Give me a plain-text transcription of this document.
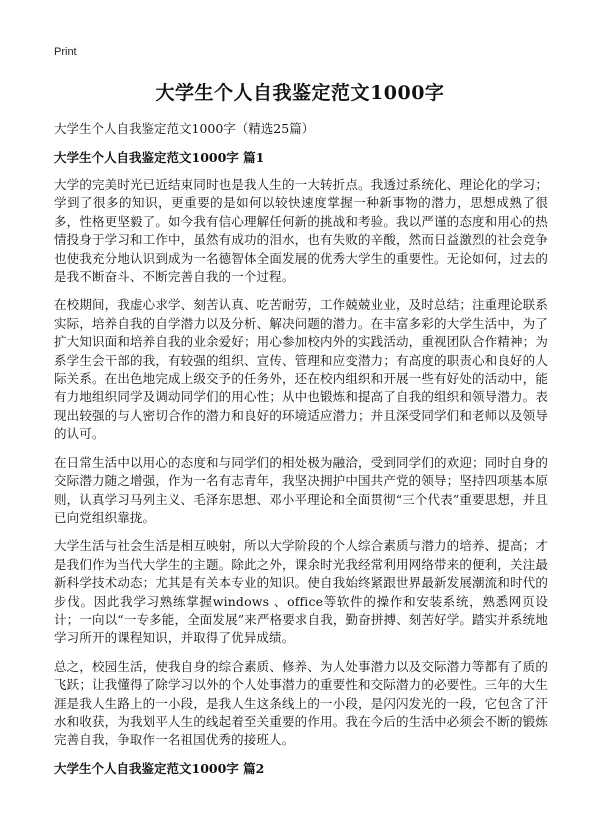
Print
大学生个人自我鉴定范文1000字

大学生个人自我鉴定范文1000字（精选25篇）

大学生个人自我鉴定范文1000字 篇1

大学的完美时光已近结束同时也是我人生的一大转折点。我透过系统化、理论化的学习；学到了很多的知识，更重要的是如何以较快速度掌握一种新事物的潜力，思想成熟了很多，性格更坚毅了。如今我有信心理解任何新的挑战和考验。我以严谨的态度和用心的热情投身于学习和工作中，虽然有成功的泪水，也有失败的辛酸，然而日益激烈的社会竞争也使我充分地认识到成为一名德智体全面发展的优秀大学生的重要性。无论如何，过去的是我不断奋斗、不断完善自我的一个过程。

在校期间，我虚心求学、刻苦认真、吃苦耐劳，工作兢兢业业，及时总结；注重理论联系实际，培养自我的自学潜力以及分析、解决问题的潜力。在丰富多彩的大学生活中，为了扩大知识面和培养自我的业余爱好；用心参加校内外的实践活动，重视团队合作精神；为系学生会干部的我，有较强的组织、宣传、管理和应变潜力；有高度的职责心和良好的人际关系。在出色地完成上级交予的任务外，还在校内组织和开展一些有好处的活动中，能有力地组织同学及调动同学们的用心性；从中也锻炼和提高了自我的组织和领导潜力。表现出较强的与人密切合作的潜力和良好的环境适应潜力；并且深受同学们和老师以及领导的认可。

在日常生活中以用心的态度和与同学们的相处极为融洽，受到同学们的欢迎；同时自身的交际潜力随之增强，作为一名有志青年，我坚决拥护中国共产党的领导；坚持四项基本原则，认真学习马列主义、毛泽东思想、邓小平理论和全面贯彻“三个代表”重要思想，并且已向党组织靠拢。

大学生活与社会生活是相互映射，所以大学阶段的个人综合素质与潜力的培养、提高；才是我们作为当代大学生的主题。除此之外，课余时光我经常利用网络带来的便利，关注最新科学技术动态；尤其是有关本专业的知识。使自我始终紧跟世界最新发展潮流和时代的步伐。因此我学习熟练掌握windows 、office等软件的操作和安装系统，熟悉网页设计；一向以“一专多能，全面发展”来严格要求自我，勤奋拼搏、刻苦好学。踏实并系统地学习所开的课程知识，并取得了优异成绩。

总之，校园生活，使我自身的综合素质、修养、为人处事潜力以及交际潜力等都有了质的飞跃；让我懂得了除学习以外的个人处事潜力的重要性和交际潜力的必要性。三年的大生涯是我人生路上的一小段，是我人生这条线上的一小段，是闪闪发光的一段，它包含了汗水和收获，为我划平人生的线起着至关重要的作用。我在今后的生活中必须会不断的锻炼完善自我，争取作一名祖国优秀的接班人。

大学生个人自我鉴定范文1000字 篇2
